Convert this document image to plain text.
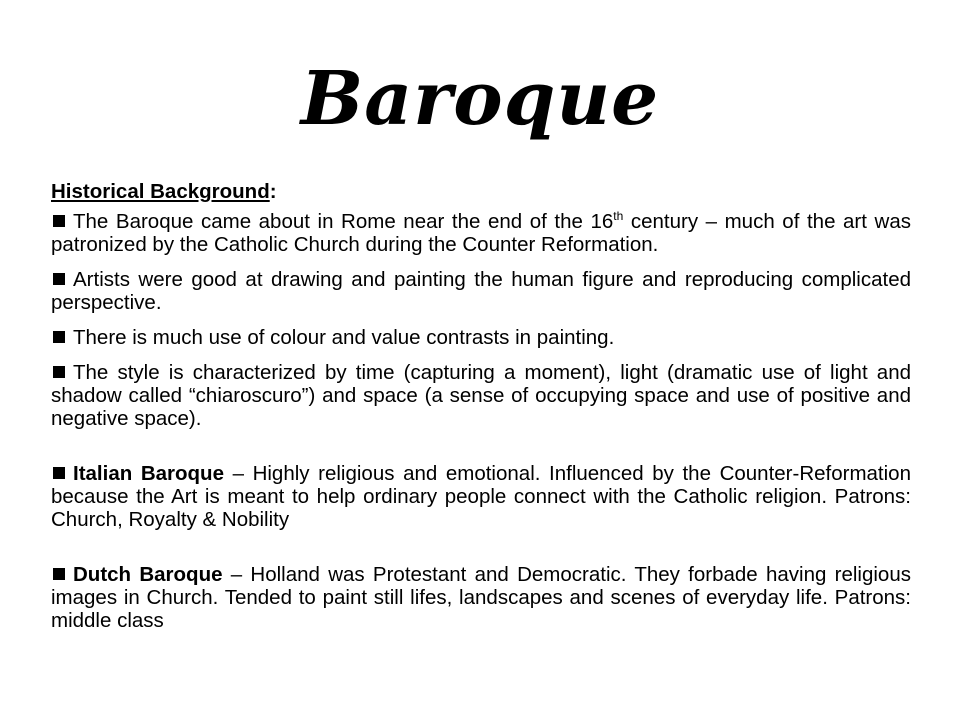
Baroque

Historical Background:

The Baroque came about in Rome near the end of the 16th century – much of the art was patronized by the Catholic Church during the Counter Reformation.

Artists were good at drawing and painting the human figure and reproducing complicated perspective.

There is much use of colour and value contrasts in painting.

The style is characterized by time (capturing a moment), light (dramatic use of light and shadow called “chiaroscuro”) and space (a sense of occupying space and use of positive and negative space).

Italian Baroque – Highly religious and emotional. Influenced by the Counter-Reformation because the Art is meant to help ordinary people connect with the Catholic religion. Patrons: Church, Royalty & Nobility

Dutch Baroque – Holland was Protestant and Democratic. They forbade having religious images in Church. Tended to paint still lifes, landscapes and scenes of everyday life. Patrons: middle class
